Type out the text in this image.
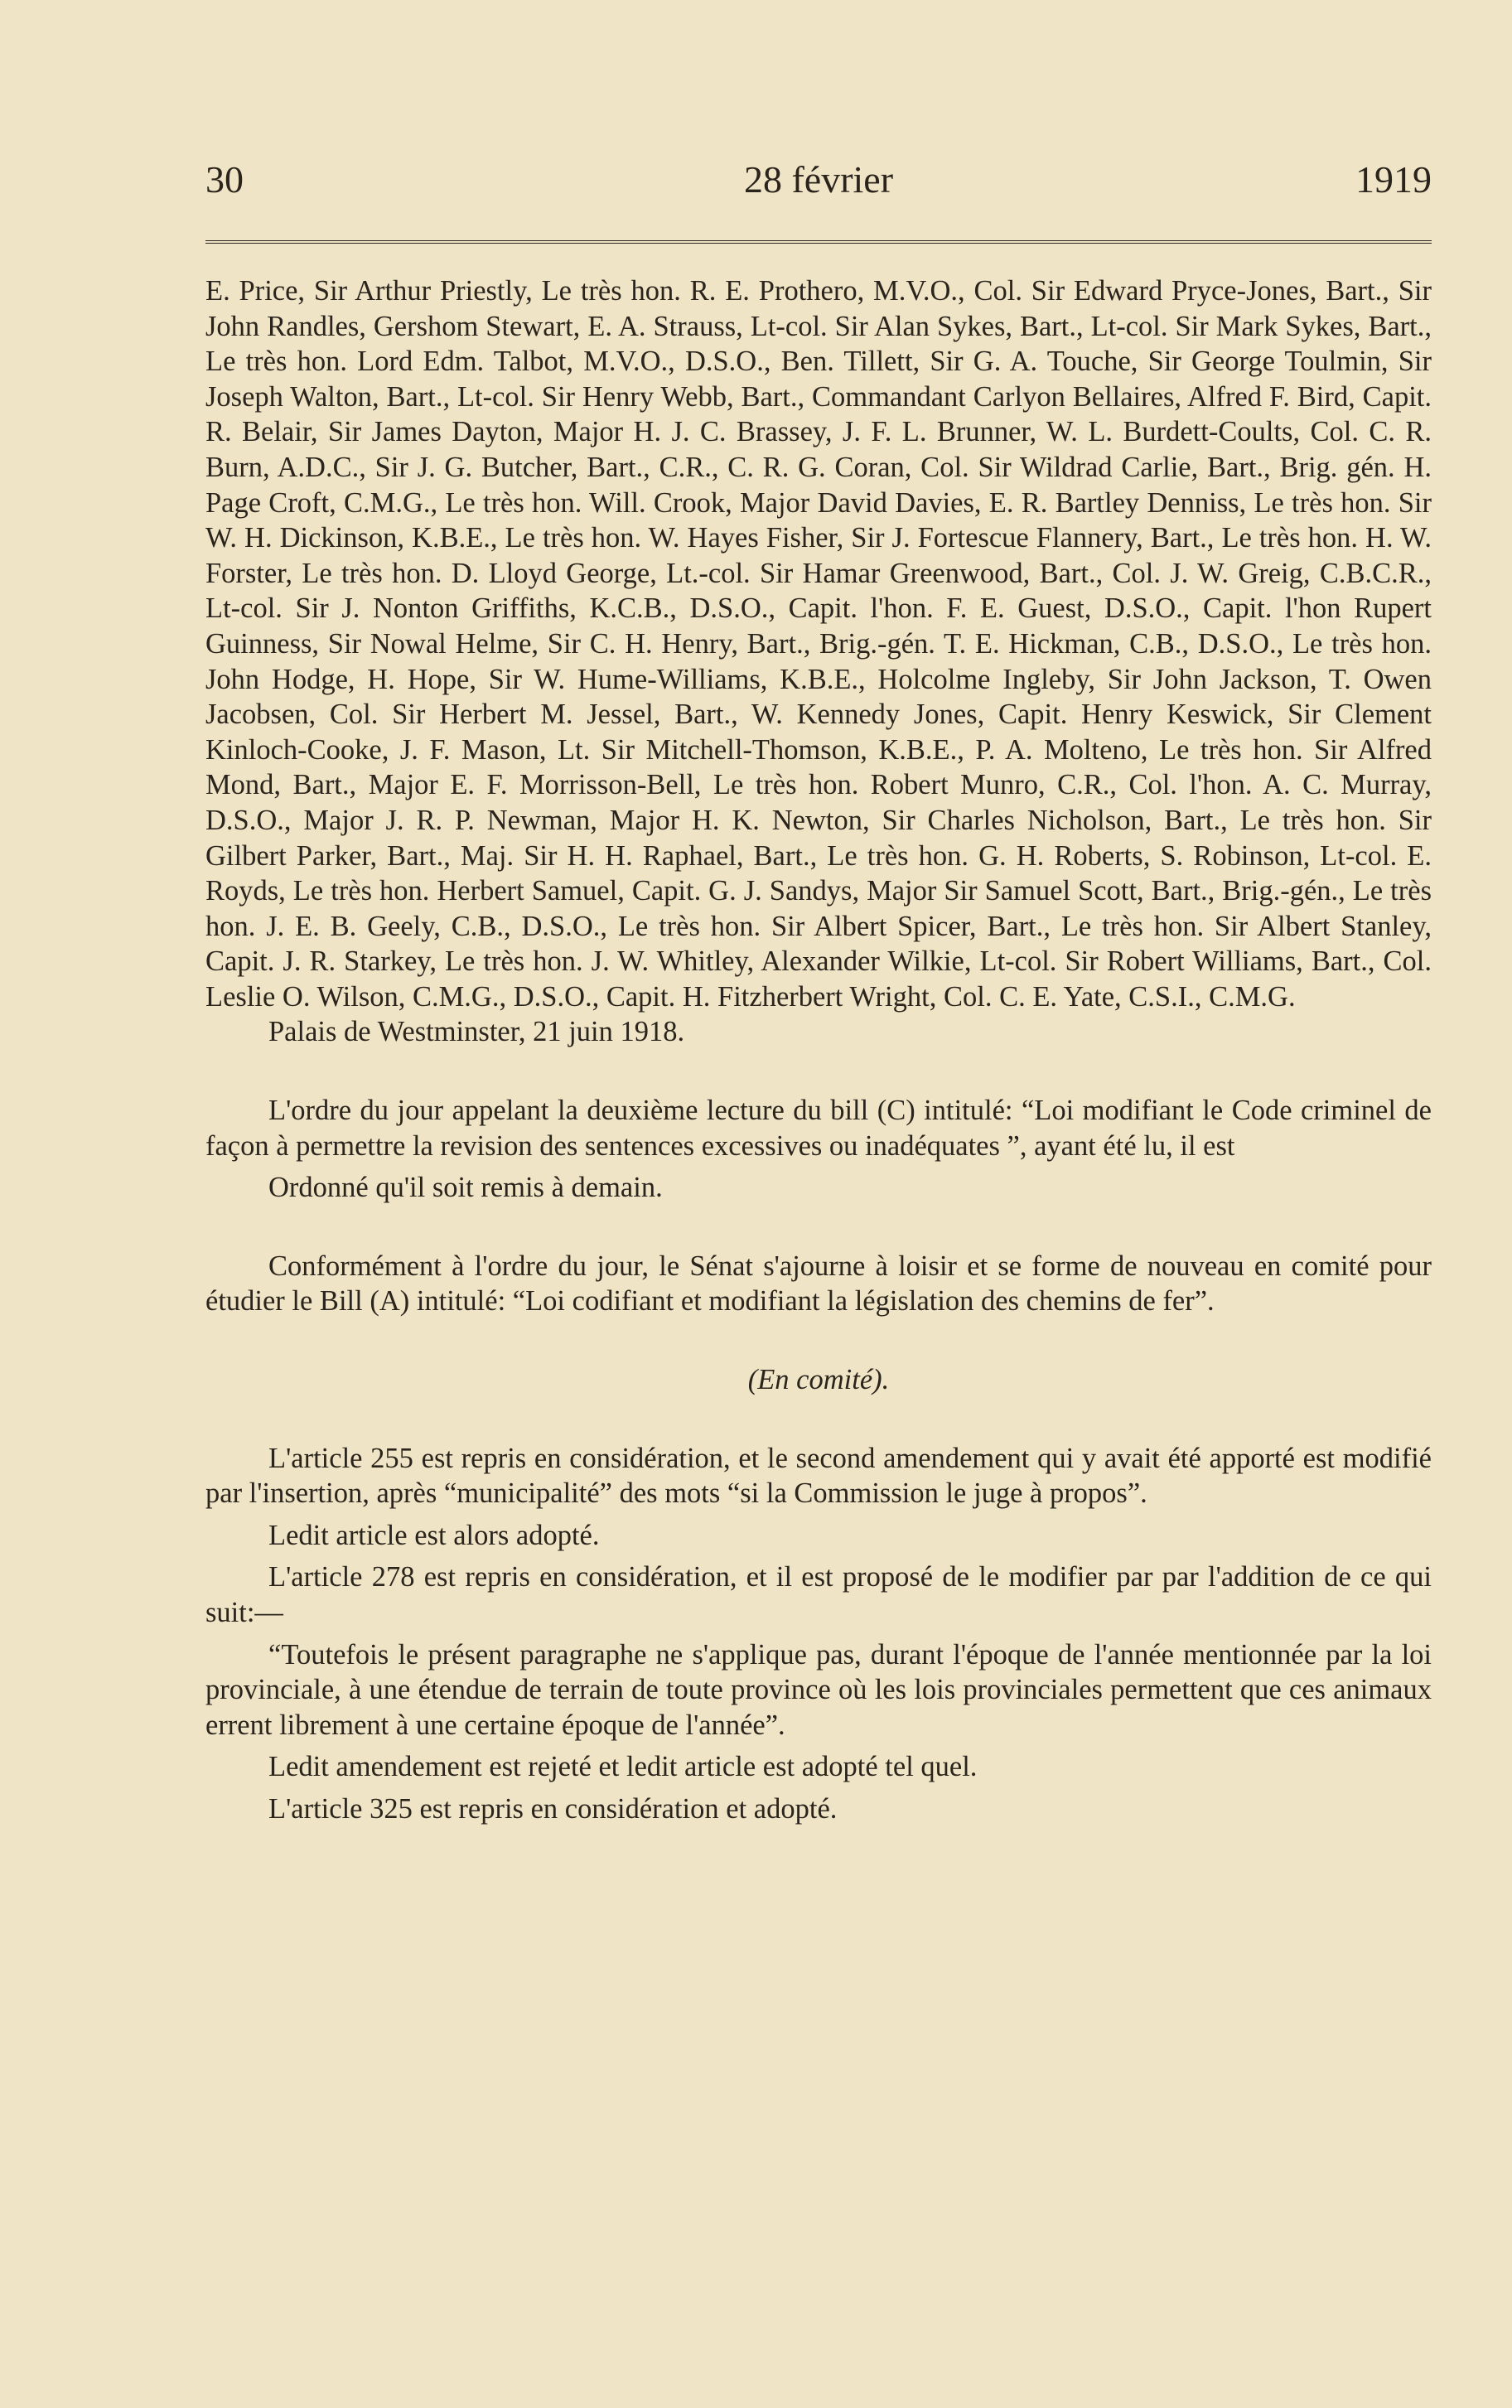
30	28 février	1919

E. Price, Sir Arthur Priestly, Le très hon. R. E. Prothero, M.V.O., Col. Sir Edward Pryce-Jones, Bart., Sir John Randles, Gershom Stewart, E. A. Strauss, Lt-col. Sir Alan Sykes, Bart., Lt-col. Sir Mark Sykes, Bart., Le très hon. Lord Edm. Talbot, M.V.O., D.S.O., Ben. Tillett, Sir G. A. Touche, Sir George Toulmin, Sir Joseph Walton, Bart., Lt-col. Sir Henry Webb, Bart., Commandant Carlyon Bellaires, Alfred F. Bird, Capit. R. Belair, Sir James Dayton, Major H. J. C. Brassey, J. F. L. Brunner, W. L. Burdett-Coults, Col. C. R. Burn, A.D.C., Sir J. G. Butcher, Bart., C.R., C. R. G. Coran, Col. Sir Wildrad Carlie, Bart., Brig. gén. H. Page Croft, C.M.G., Le très hon. Will. Crook, Major David Davies, E. R. Bartley Denniss, Le très hon. Sir W. H. Dickinson, K.B.E., Le très hon. W. Hayes Fisher, Sir J. Fortescue Flannery, Bart., Le très hon. H. W. Forster, Le très hon. D. Lloyd George, Lt.-col. Sir Hamar Greenwood, Bart., Col. J. W. Greig, C.B.C.R., Lt-col. Sir J. Nonton Griffiths, K.C.B., D.S.O., Capit. l'hon. F. E. Guest, D.S.O., Capit. l'hon Rupert Guinness, Sir Nowal Helme, Sir C. H. Henry, Bart., Brig.-gén. T. E. Hickman, C.B., D.S.O., Le très hon. John Hodge, H. Hope, Sir W. Hume-Williams, K.B.E., Holcolme Ingleby, Sir John Jackson, T. Owen Jacobsen, Col. Sir Herbert M. Jessel, Bart., W. Kennedy Jones, Capit. Henry Keswick, Sir Clement Kinloch-Cooke, J. F. Mason, Lt. Sir Mitchell-Thomson, K.B.E., P. A. Molteno, Le très hon. Sir Alfred Mond, Bart., Major E. F. Morrisson-Bell, Le très hon. Robert Munro, C.R., Col. l'hon. A. C. Murray, D.S.O., Major J. R. P. Newman, Major H. K. Newton, Sir Charles Nicholson, Bart., Le très hon. Sir Gilbert Parker, Bart., Maj. Sir H. H. Raphael, Bart., Le très hon. G. H. Roberts, S. Robinson, Lt-col. E. Royds, Le très hon. Herbert Samuel, Capit. G. J. Sandys, Major Sir Samuel Scott, Bart., Brig.-gén., Le très hon. J. E. B. Geely, C.B., D.S.O., Le très hon. Sir Albert Spicer, Bart., Le très hon. Sir Albert Stanley, Capit. J. R. Starkey, Le très hon. J. W. Whitley, Alexander Wilkie, Lt-col. Sir Robert Williams, Bart., Col. Leslie O. Wilson, C.M.G., D.S.O., Capit. H. Fitzherbert Wright, Col. C. E. Yate, C.S.I., C.M.G.

Palais de Westminster, 21 juin 1918.

L'ordre du jour appelant la deuxième lecture du bill (C) intitulé: “Loi modifiant le Code criminel de façon à permettre la revision des sentences excessives ou inadéquates ”, ayant été lu, il est

Ordonné qu'il soit remis à demain.

Conformément à l'ordre du jour, le Sénat s'ajourne à loisir et se forme de nouveau en comité pour étudier le Bill (A) intitulé: “Loi codifiant et modifiant la législation des chemins de fer”.

(En comité).

L'article 255 est repris en considération, et le second amendement qui y avait été apporté est modifié par l'insertion, après “municipalité” des mots “si la Commission le juge à propos”.

Ledit article est alors adopté.

L'article 278 est repris en considération, et il est proposé de le modifier par par l'addition de ce qui suit:—

“Toutefois le présent paragraphe ne s'applique pas, durant l'époque de l'année mentionnée par la loi provinciale, à une étendue de terrain de toute province où les lois provinciales permettent que ces animaux errent librement à une certaine époque de l'année”.

Ledit amendement est rejeté et ledit article est adopté tel quel.

L'article 325 est repris en considération et adopté.
